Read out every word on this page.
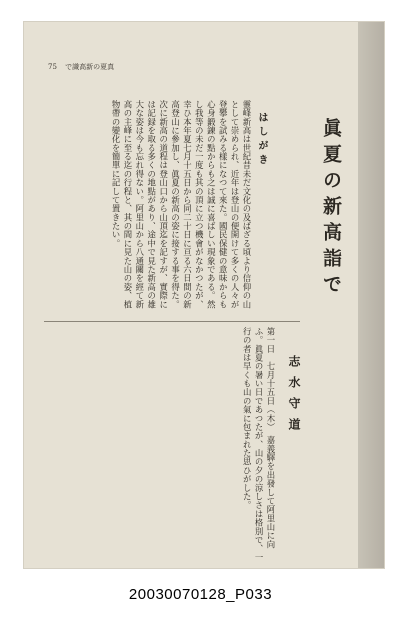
75 で識高新の夏真
眞夏の新高詣で
志水守道
はしがき
靈峰新高は世紀昔未だ文化の及ばざる頃より信仰の山として崇められ、近年は登山の便開けて多くの人々が登攀を試みる樣になつて來た。國民保健の意味からも心身鍛錬の點からも之は誠に喜ばしい現象である。然し我等の未だ一度も其の頂に立つ機會がなかつたが、幸ひ本年夏七月十五日から同二十日に亘る六日間の新高登山に參加し、眞夏の新高の姿に接する事を得た。 次に新高の道程は登山口から山頂迄を記すが、實際には記録を取る多くの地點があり、途中で見た新高の雄大な姿は今も忘れ得ない。阿里山から八通關を經て新高の主峰に至る迄の行程と、其の間に見た山の姿、植物帶の變化を簡單に記して置きたい。
第一日　七月十五日（木）　嘉義驛を出發して阿里山に向ふ。眞夏の暑い日であつたが、山の夕の涼しさは格別で、一行の者は早くも山の氣に包まれた思ひがした。
20030070128_P033
